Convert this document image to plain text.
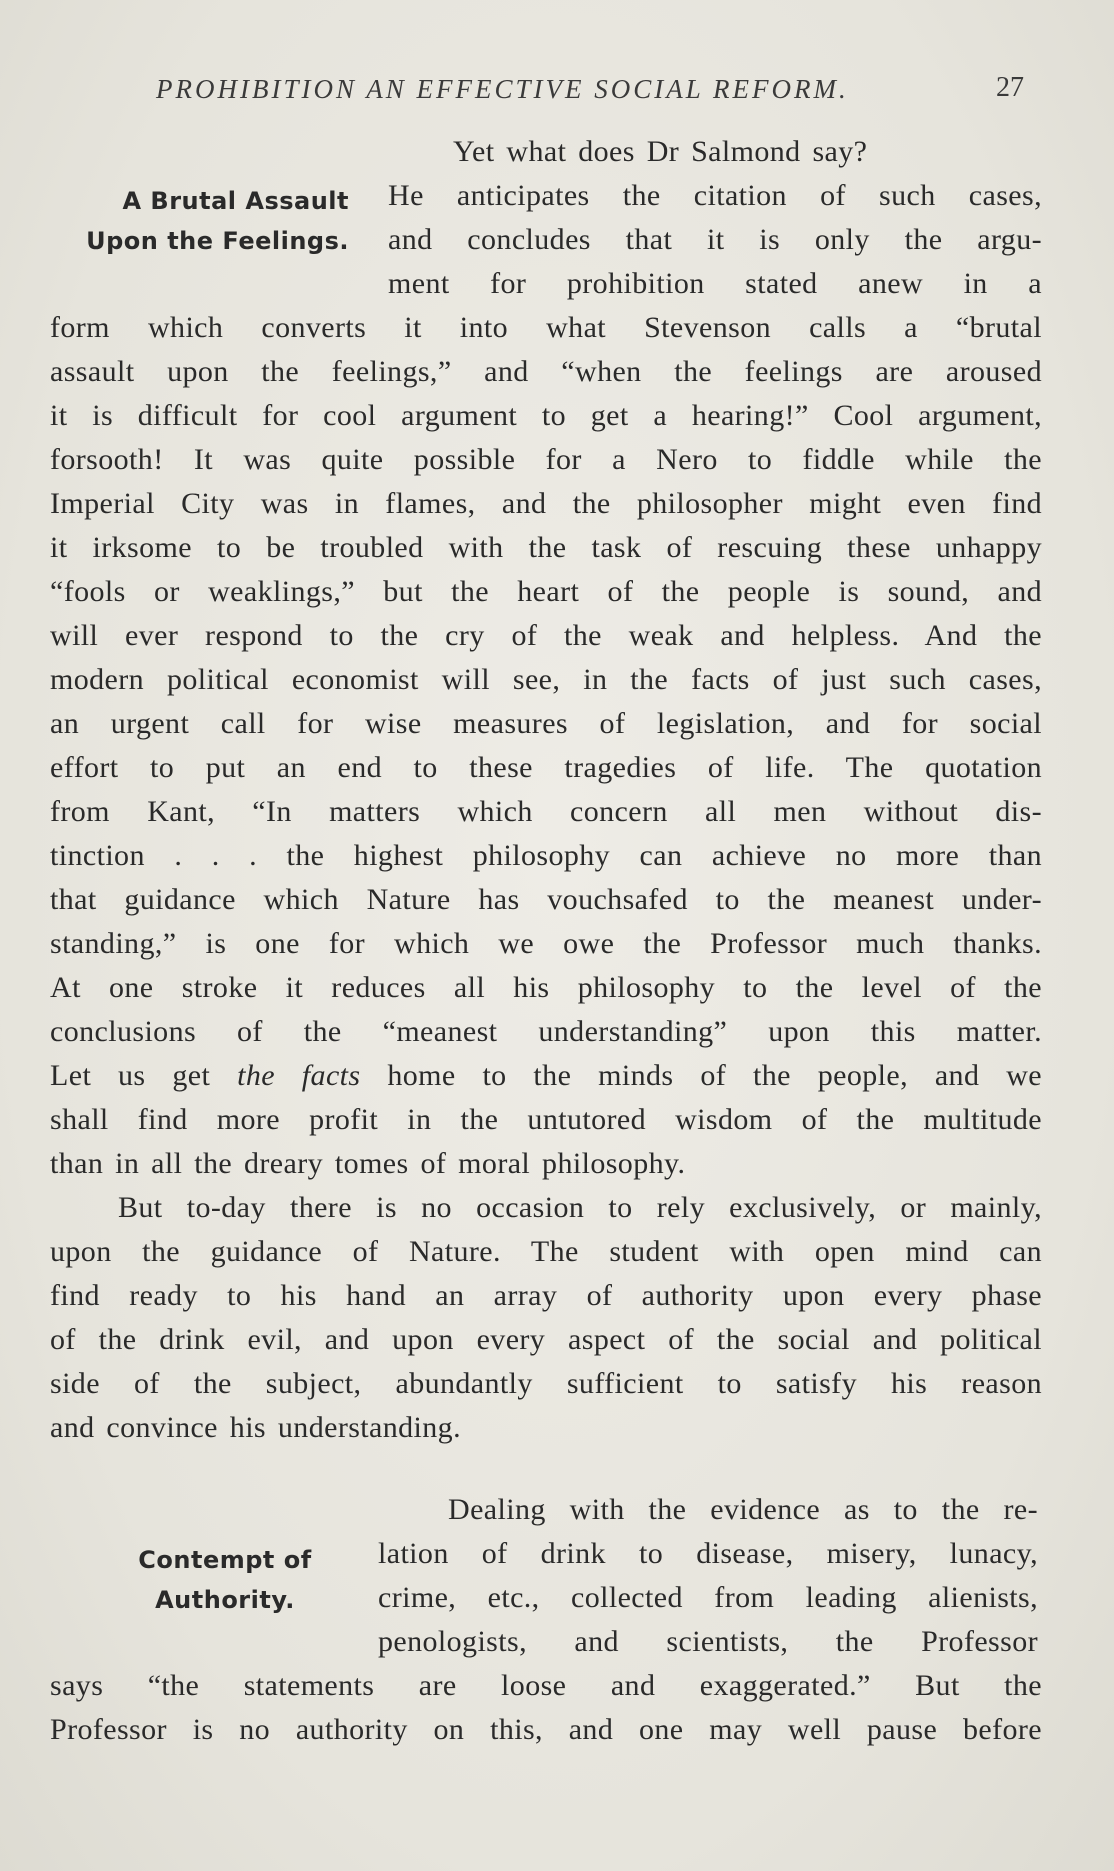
PROHIBITION AN EFFECTIVE SOCIAL REFORM.	27
A Brutal Assault
Upon the Feelings.
Yet what does Dr Salmond say?
He anticipates the citation of such cases,
and concludes that it is only the argu-
ment for prohibition stated anew in a
form which converts it into what Stevenson calls a “brutal
assault upon the feelings,” and “when the feelings are aroused
it is difficult for cool argument to get a hearing!” Cool argument,
forsooth! It was quite possible for a Nero to fiddle while the
Imperial City was in flames, and the philosopher might even find
it irksome to be troubled with the task of rescuing these unhappy
“fools or weaklings,” but the heart of the people is sound, and
will ever respond to the cry of the weak and helpless. And the
modern political economist will see, in the facts of just such cases,
an urgent call for wise measures of legislation, and for social
effort to put an end to these tragedies of life. The quotation
from Kant, “In matters which concern all men without dis-
tinction . . . the highest philosophy can achieve no more than
that guidance which Nature has vouchsafed to the meanest under-
standing,” is one for which we owe the Professor much thanks.
At one stroke it reduces all his philosophy to the level of the
conclusions of the “meanest understanding” upon this matter.
Let us get the facts home to the minds of the people, and we
shall find more profit in the untutored wisdom of the multitude
than in all the dreary tomes of moral philosophy.
But to-day there is no occasion to rely exclusively, or mainly,
upon the guidance of Nature. The student with open mind can
find ready to his hand an array of authority upon every phase
of the drink evil, and upon every aspect of the social and political
side of the subject, abundantly sufficient to satisfy his reason
and convince his understanding.
Contempt of
Authority.
Dealing with the evidence as to the re-
lation of drink to disease, misery, lunacy,
crime, etc., collected from leading alienists,
penologists, and scientists, the Professor
says “the statements are loose and exaggerated.” But the
Professor is no authority on this, and one may well pause before
